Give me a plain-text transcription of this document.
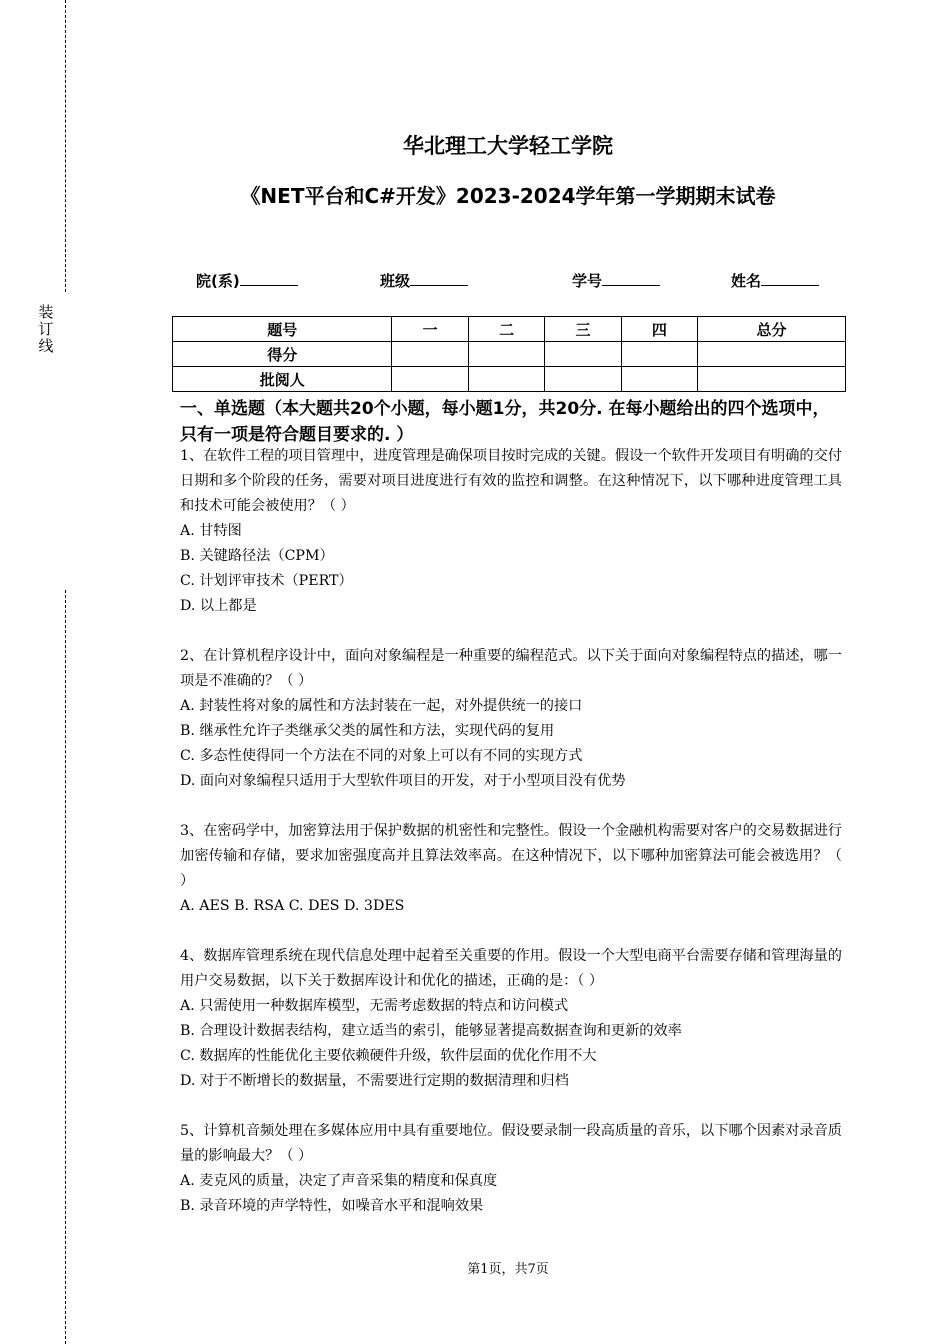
装订线
华北理工大学轻工学院
《NET平台和C#开发》2023-2024学年第一学期期末试卷
院(系)	班级	学号	姓名
题号	一	二	三	四	总分
得分					
批阅人					
一、单选题（本大题共20个小题，每小题1分，共20分. 在每小题给出的四个选项中，只有一项是符合题目要求的. ）

1、在软件工程的项目管理中，进度管理是确保项目按时完成的关键。假设一个软件开发项目有明确的交付日期和多个阶段的任务，需要对项目进度进行有效的监控和调整。在这种情况下，以下哪种进度管理工具和技术可能会被使用？（ ）

A. 甘特图

B. 关键路径法（CPM）

C. 计划评审技术（PERT）

D. 以上都是

2、在计算机程序设计中，面向对象编程是一种重要的编程范式。以下关于面向对象编程特点的描述，哪一项是不准确的？（ ）

A. 封装性将对象的属性和方法封装在一起，对外提供统一的接口

B. 继承性允许子类继承父类的属性和方法，实现代码的复用

C. 多态性使得同一个方法在不同的对象上可以有不同的实现方式

D. 面向对象编程只适用于大型软件项目的开发，对于小型项目没有优势

3、在密码学中，加密算法用于保护数据的机密性和完整性。假设一个金融机构需要对客户的交易数据进行加密传输和存储，要求加密强度高并且算法效率高。在这种情况下，以下哪种加密算法可能会被选用？（ ）

A. AES B. RSA C. DES D. 3DES

4、数据库管理系统在现代信息处理中起着至关重要的作用。假设一个大型电商平台需要存储和管理海量的用户交易数据，以下关于数据库设计和优化的描述，正确的是：（ ）

A. 只需使用一种数据库模型，无需考虑数据的特点和访问模式

B. 合理设计数据表结构，建立适当的索引，能够显著提高数据查询和更新的效率

C. 数据库的性能优化主要依赖硬件升级，软件层面的优化作用不大

D. 对于不断增长的数据量，不需要进行定期的数据清理和归档

5、计算机音频处理在多媒体应用中具有重要地位。假设要录制一段高质量的音乐，以下哪个因素对录音质量的影响最大？（ ）

A. 麦克风的质量，决定了声音采集的精度和保真度

B. 录音环境的声学特性，如噪音水平和混响效果

第1页，共7页
